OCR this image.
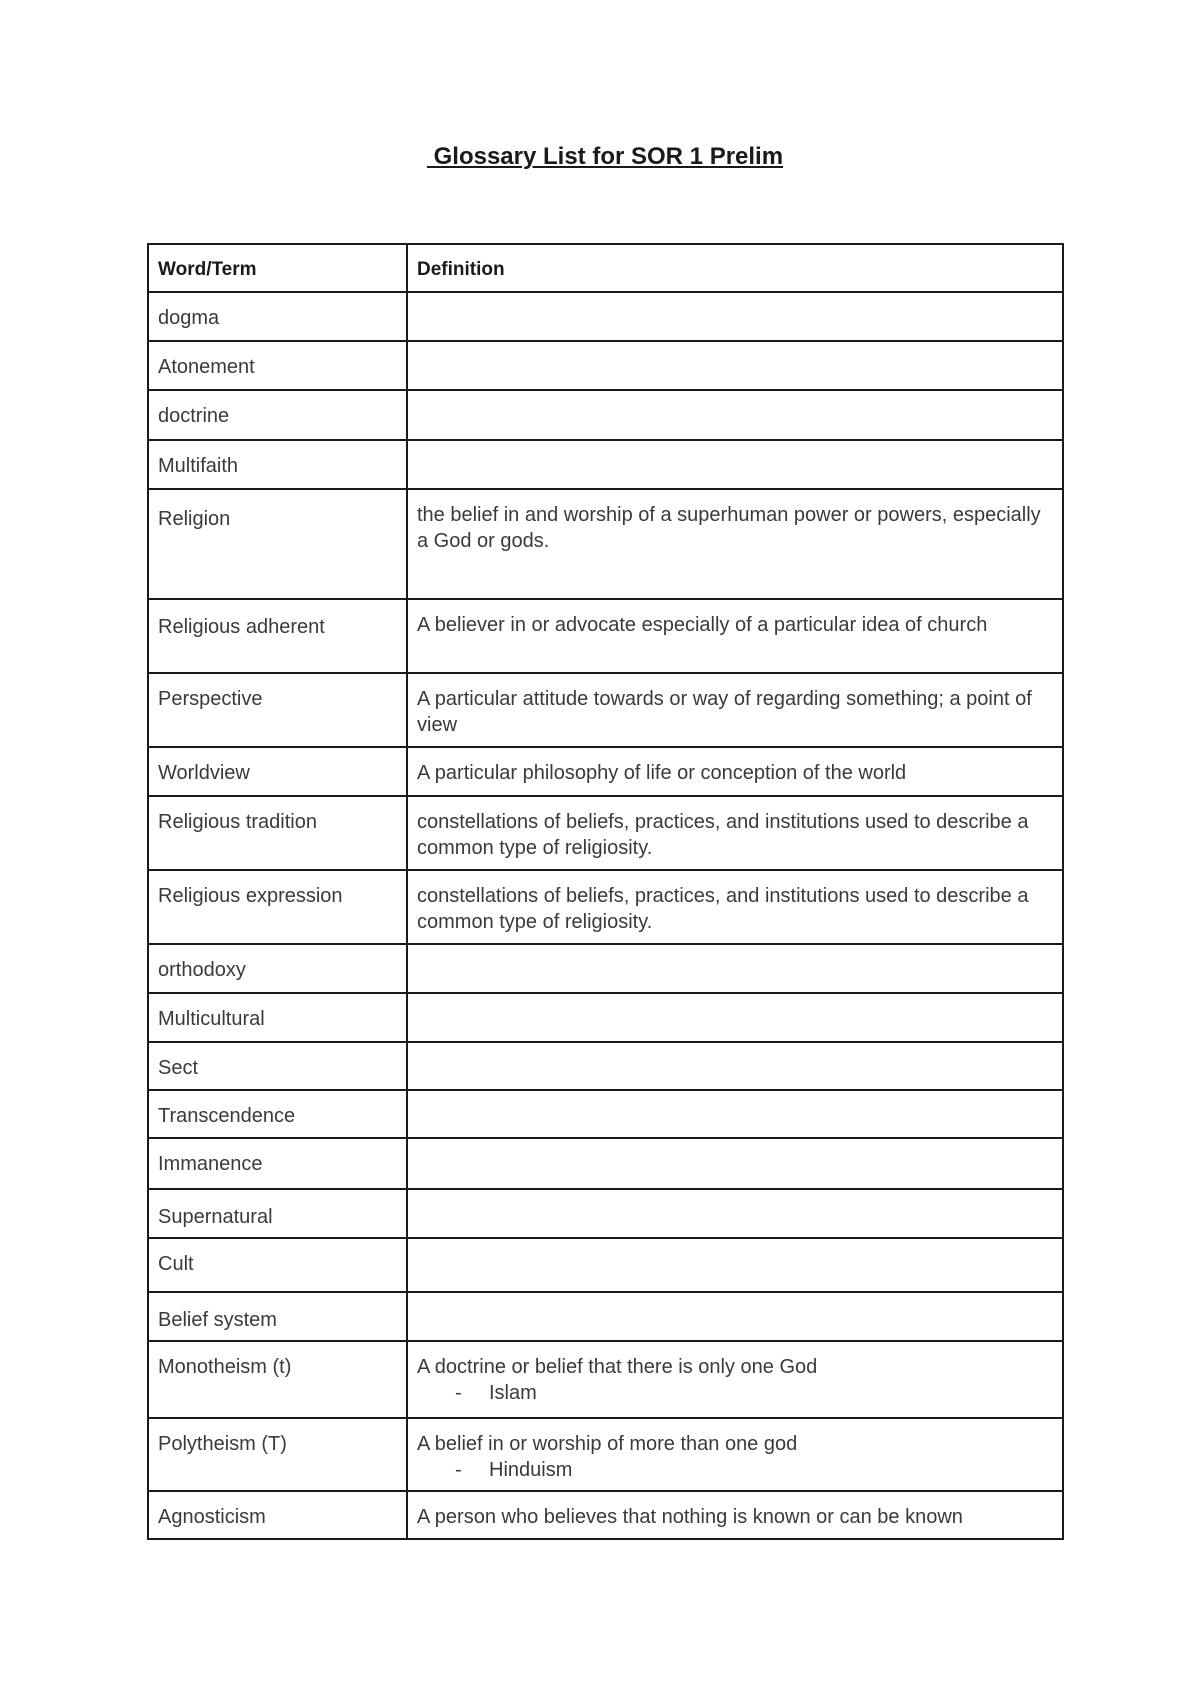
Glossary List for SOR 1 Prelim
Word/Term	Definition
dogma	
Atonement	
doctrine	
Multifaith	
Religion	the belief in and worship of a superhuman power or powers, especially a God or gods.

Religious adherent	A believer in or advocate especially of a particular idea of church

Perspective	A particular attitude towards or way of regarding something; a point of view

Worldview	A particular philosophy of life or conception of the world

Religious tradition	constellations of beliefs, practices, and institutions used to describe a common type of religiosity.

Religious expression	constellations of beliefs, practices, and institutions used to describe a common type of religiosity.

orthodoxy	
Multicultural	
Sect	
Transcendence	
Immanence	
Supernatural	
Cult	
Belief system	
Monotheism (t)	A doctrine or belief that there is only one God
- Islam

Polytheism (T)	A belief in or worship of more than one god
- Hinduism

Agnosticism	A person who believes that nothing is known or can be known
